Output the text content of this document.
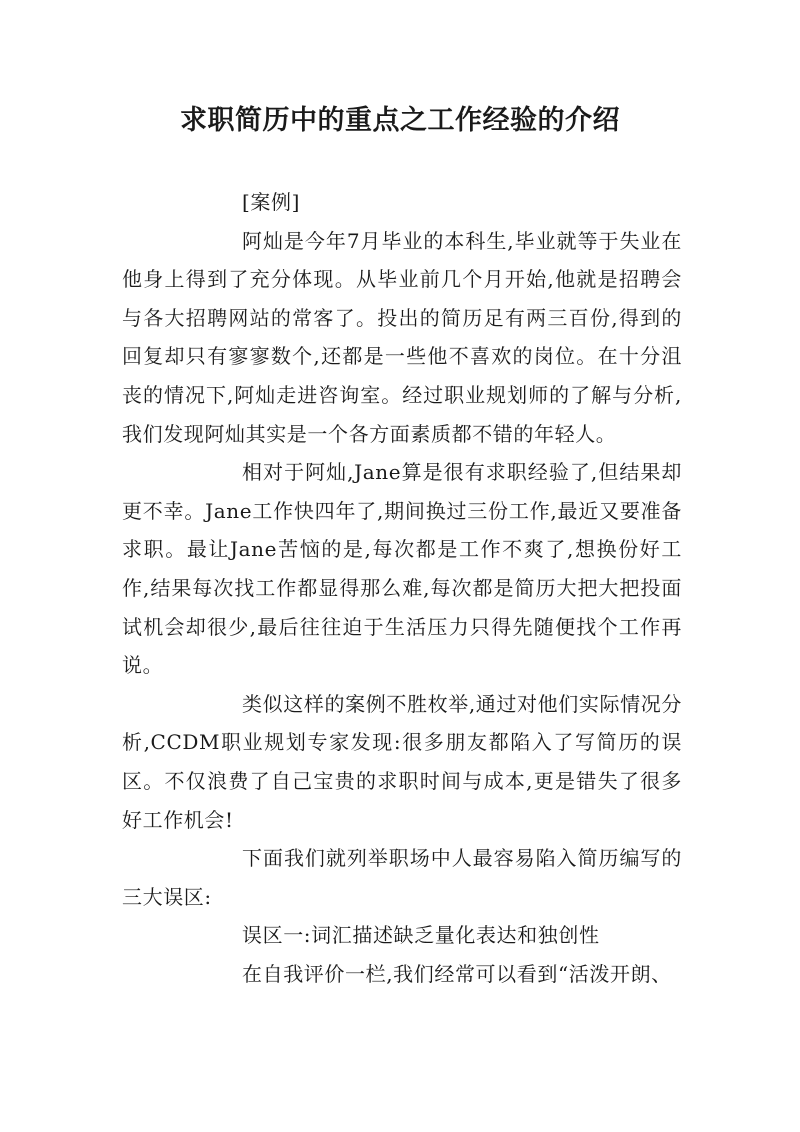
求职简历中的重点之工作经验的介绍

[案例]

阿灿是今年7月毕业的本科生,毕业就等于失业在他身上得到了充分体现。从毕业前几个月开始,他就是招聘会与各大招聘网站的常客了。投出的简历足有两三百份,得到的回复却只有寥寥数个,还都是一些他不喜欢的岗位。在十分沮丧的情况下,阿灿走进咨询室。经过职业规划师的了解与分析,我们发现阿灿其实是一个各方面素质都不错的年轻人。

相对于阿灿,Jane算是很有求职经验了,但结果却更不幸。Jane工作快四年了,期间换过三份工作,最近又要准备求职。最让Jane苦恼的是,每次都是工作不爽了,想换份好工作,结果每次找工作都显得那么难,每次都是简历大把大把投面试机会却很少,最后往往迫于生活压力只得先随便找个工作再说。

类似这样的案例不胜枚举,通过对他们实际情况分析,CCDM职业规划专家发现:很多朋友都陷入了写简历的误区。不仅浪费了自己宝贵的求职时间与成本,更是错失了很多好工作机会!

下面我们就列举职场中人最容易陷入简历编写的三大误区:

误区一:词汇描述缺乏量化表达和独创性

在自我评价一栏,我们经常可以看到“活泼开朗、
